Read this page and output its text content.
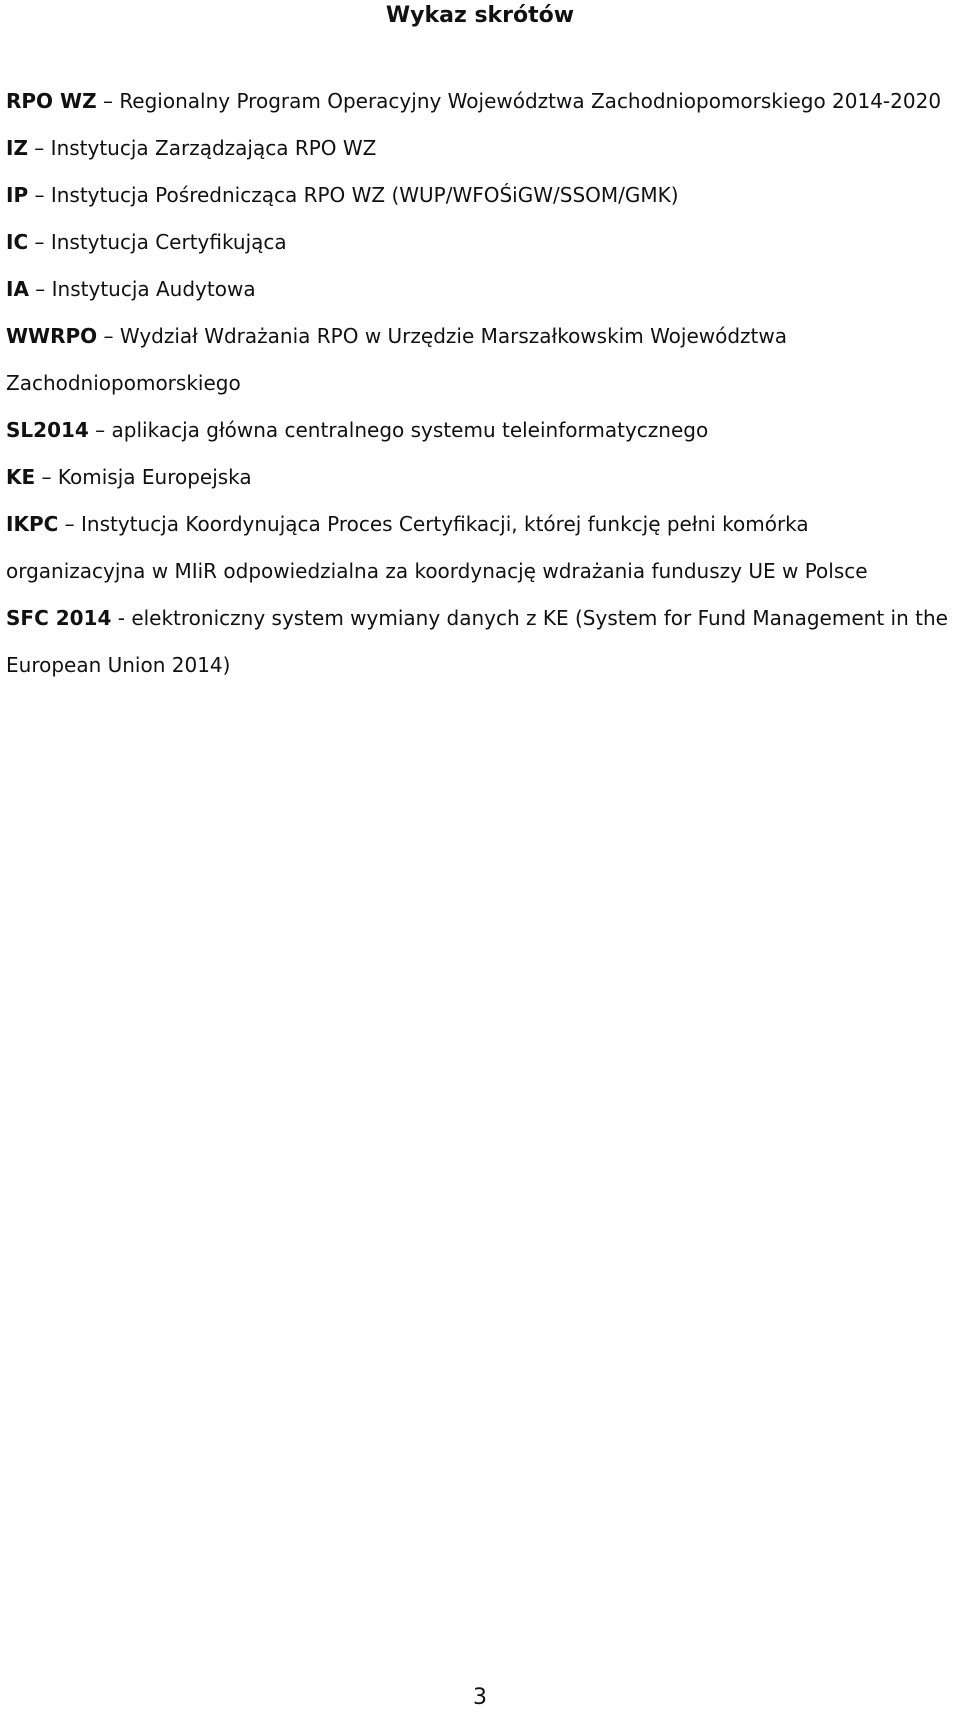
Wykaz skrótów
RPO WZ – Regionalny Program Operacyjny Województwa Zachodniopomorskiego 2014-2020
IZ – Instytucja Zarządzająca RPO WZ
IP – Instytucja Pośrednicząca RPO WZ (WUP/WFOŚiGW/SSOM/GMK)
IC – Instytucja Certyfikująca
IA – Instytucja Audytowa
WWRPO – Wydział Wdrażania RPO w Urzędzie Marszałkowskim Województwa Zachodniopomorskiego
SL2014 – aplikacja główna centralnego systemu teleinformatycznego
KE – Komisja Europejska
IKPC – Instytucja Koordynująca Proces Certyfikacji, której funkcję pełni komórka organizacyjna w MIiR odpowiedzialna za koordynację wdrażania funduszy UE w Polsce
SFC 2014 - elektroniczny system wymiany danych z KE (System for Fund Management in the European Union 2014)
3
